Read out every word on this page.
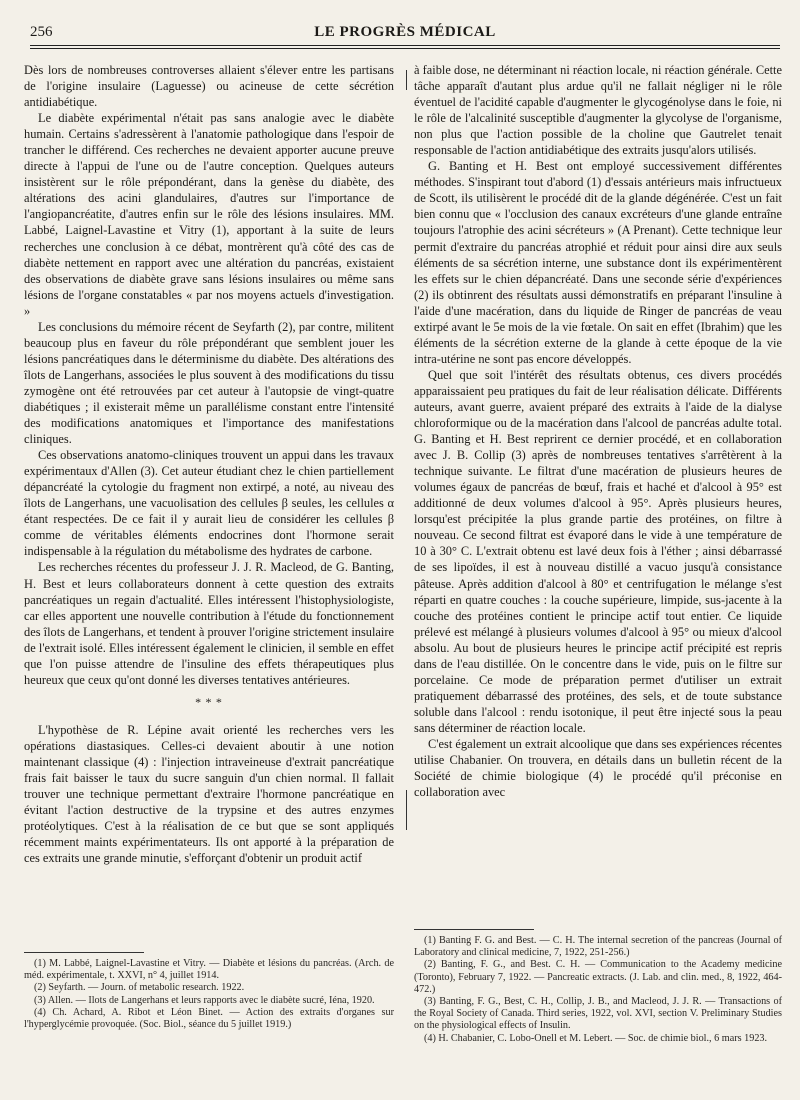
256	LE PROGRÈS MÉDICAL

Dès lors de nombreuses controverses allaient s'élever entre les partisans de l'origine insulaire (Laguesse) ou acineuse de cette sécrétion antidiabétique.

Le diabète expérimental n'était pas sans analogie avec le diabète humain. Certains s'adressèrent à l'anatomie pathologique dans l'espoir de trancher le différend. Ces recherches ne devaient apporter aucune preuve directe à l'appui de l'une ou de l'autre conception. Quelques auteurs insistèrent sur le rôle prépondérant, dans la genèse du diabète, des altérations des acini glandulaires, d'autres sur l'importance de l'angiopancréatite, d'autres enfin sur le rôle des lésions insulaires. MM. Labbé, Laignel-Lavastine et Vitry (1), apportant à la suite de leurs recherches une conclusion à ce débat, montrèrent qu'à côté des cas de diabète nettement en rapport avec une altération du pancréas, existaient des observations de diabète grave sans lésions insulaires ou même sans lésions de l'organe constatables « par nos moyens actuels d'investigation. »

Les conclusions du mémoire récent de Seyfarth (2), par contre, militent beaucoup plus en faveur du rôle prépondérant que semblent jouer les lésions pancréatiques dans le déterminisme du diabète. Des altérations des îlots de Langerhans, associées le plus souvent à des modifications du tissu zymogène ont été retrouvées par cet auteur à l'autopsie de vingt-quatre diabétiques ; il existerait même un parallélisme constant entre l'intensité des modifications anatomiques et l'importance des manifestations cliniques.

Ces observations anatomo-cliniques trouvent un appui dans les travaux expérimentaux d'Allen (3). Cet auteur étudiant chez le chien partiellement dépancréaté la cytologie du fragment non extirpé, a noté, au niveau des îlots de Langerhans, une vacuolisation des cellules β seules, les cellules α étant respectées. De ce fait il y aurait lieu de considérer les cellules β comme de véritables éléments endocrines dont l'hormone serait indispensable à la régulation du métabolisme des hydrates de carbone.

Les recherches récentes du professeur J. J. R. Macleod, de G. Banting, H. Best et leurs collaborateurs donnent à cette question des extraits pancréatiques un regain d'actualité. Elles intéressent l'histophysiologiste, car elles apportent une nouvelle contribution à l'étude du fonctionnement des îlots de Langerhans, et tendent à prouver l'origine strictement insulaire de l'extrait isolé. Elles intéressent également le clinicien, il semble en effet que l'on puisse attendre de l'insuline des effets thérapeutiques plus heureux que ceux qu'ont donné les diverses tentatives antérieures.

* * *

L'hypothèse de R. Lépine avait orienté les recherches vers les opérations diastasiques. Celles-ci devaient aboutir à une notion maintenant classique (4) : l'injection intraveineuse d'extrait pancréatique frais fait baisser le taux du sucre sanguin d'un chien normal. Il fallait trouver une technique permettant d'extraire l'hormone pancréatique en évitant l'action destructive de la trypsine et des autres enzymes protéolytiques. C'est à la réalisation de ce but que se sont appliqués récemment maints expérimentateurs. Ils ont apporté à la préparation de ces extraits une grande minutie, s'efforçant d'obtenir un produit actif

(1) M. Labbé, Laignel-Lavastine et Vitry. — Diabète et lésions du pancréas. (Arch. de méd. expérimentale, t. XXVI, n° 4, juillet 1914.

(2) Seyfarth. — Journ. of metabolic research. 1922.

(3) Allen. — Ilots de Langerhans et leurs rapports avec le diabète sucré, Iéna, 1920.

(4) Ch. Achard, A. Ribot et Léon Binet. — Action des extraits d'organes sur l'hyperglycémie provoquée. (Soc. Biol., séance du 5 juillet 1919.)

à faible dose, ne déterminant ni réaction locale, ni réaction générale. Cette tâche apparaît d'autant plus ardue qu'il ne fallait négliger ni le rôle éventuel de l'acidité capable d'augmenter le glycogénolyse dans le foie, ni le rôle de l'alcalinité susceptible d'augmenter la glycolyse de l'organisme, non plus que l'action possible de la choline que Gautrelet tenait responsable de l'action antidiabétique des extraits jusqu'alors utilisés.

G. Banting et H. Best ont employé successivement différentes méthodes. S'inspirant tout d'abord (1) d'essais antérieurs mais infructueux de Scott, ils utilisèrent le procédé dit de la glande dégénérée. C'est un fait bien connu que « l'occlusion des canaux excréteurs d'une glande entraîne toujours l'atrophie des acini sécréteurs » (A Prenant). Cette technique leur permit d'extraire du pancréas atrophié et réduit pour ainsi dire aux seuls éléments de sa sécrétion interne, une substance dont ils expérimentèrent les effets sur le chien dépancréaté. Dans une seconde série d'expériences (2) ils obtinrent des résultats aussi démonstratifs en préparant l'insuline à l'aide d'une macération, dans du liquide de Ringer de pancréas de veau extirpé avant le 5e mois de la vie fœtale. On sait en effet (Ibrahim) que les éléments de la sécrétion externe de la glande à cette époque de la vie intra-utérine ne sont pas encore développés.

Quel que soit l'intérêt des résultats obtenus, ces divers procédés apparaissaient peu pratiques du fait de leur réalisation délicate. Différents auteurs, avant guerre, avaient préparé des extraits à l'aide de la dialyse chloroformique ou de la macération dans l'alcool de pancréas adulte total. G. Banting et H. Best reprirent ce dernier procédé, et en collaboration avec J. B. Collip (3) après de nombreuses tentatives s'arrêtèrent à la technique suivante. Le filtrat d'une macération de plusieurs heures de volumes égaux de pancréas de bœuf, frais et haché et d'alcool à 95° est additionné de deux volumes d'alcool à 95°. Après plusieurs heures, lorsqu'est précipitée la plus grande partie des protéines, on filtre à nouveau. Ce second filtrat est évaporé dans le vide à une température de 10 à 30° C. L'extrait obtenu est lavé deux fois à l'éther ; ainsi débarrassé de ses lipoïdes, il est à nouveau distillé a vacuo jusqu'à consistance pâteuse. Après addition d'alcool à 80° et centrifugation le mélange s'est réparti en quatre couches : la couche supérieure, limpide, sus-jacente à la couche des protéines contient le principe actif tout entier. Ce liquide prélevé est mélangé à plusieurs volumes d'alcool à 95° ou mieux d'alcool absolu. Au bout de plusieurs heures le principe actif précipité est repris dans de l'eau distillée. On le concentre dans le vide, puis on le filtre sur porcelaine. Ce mode de préparation permet d'utiliser un extrait pratiquement débarrassé des protéines, des sels, et de toute substance soluble dans l'alcool : rendu isotonique, il peut être injecté sous la peau sans déterminer de réaction locale.

C'est également un extrait alcoolique que dans ses expériences récentes utilise Chabanier. On trouvera, en détails dans un bulletin récent de la Société de chimie biologique (4) le procédé qu'il préconise en collaboration avec

(1) Banting F. G. and Best. — C. H. The internal secretion of the pancreas (Journal of Laboratory and clinical medicine, 7, 1922, 251-256.)

(2) Banting, F. G., and Best. C. H. — Communication to the Academy medicine (Toronto), February 7, 1922. — Pancreatic extracts. (J. Lab. and clin. med., 8, 1922, 464-472.)

(3) Banting, F. G., Best, C. H., Collip, J. B., and Macleod, J. J. R. — Transactions of the Royal Society of Canada. Third series, 1922, vol. XVI, section V. Preliminary Studies on the physiological effects of Insulin.

(4) H. Chabanier, C. Lobo-Onell et M. Lebert. — Soc. de chimie biol., 6 mars 1923.
